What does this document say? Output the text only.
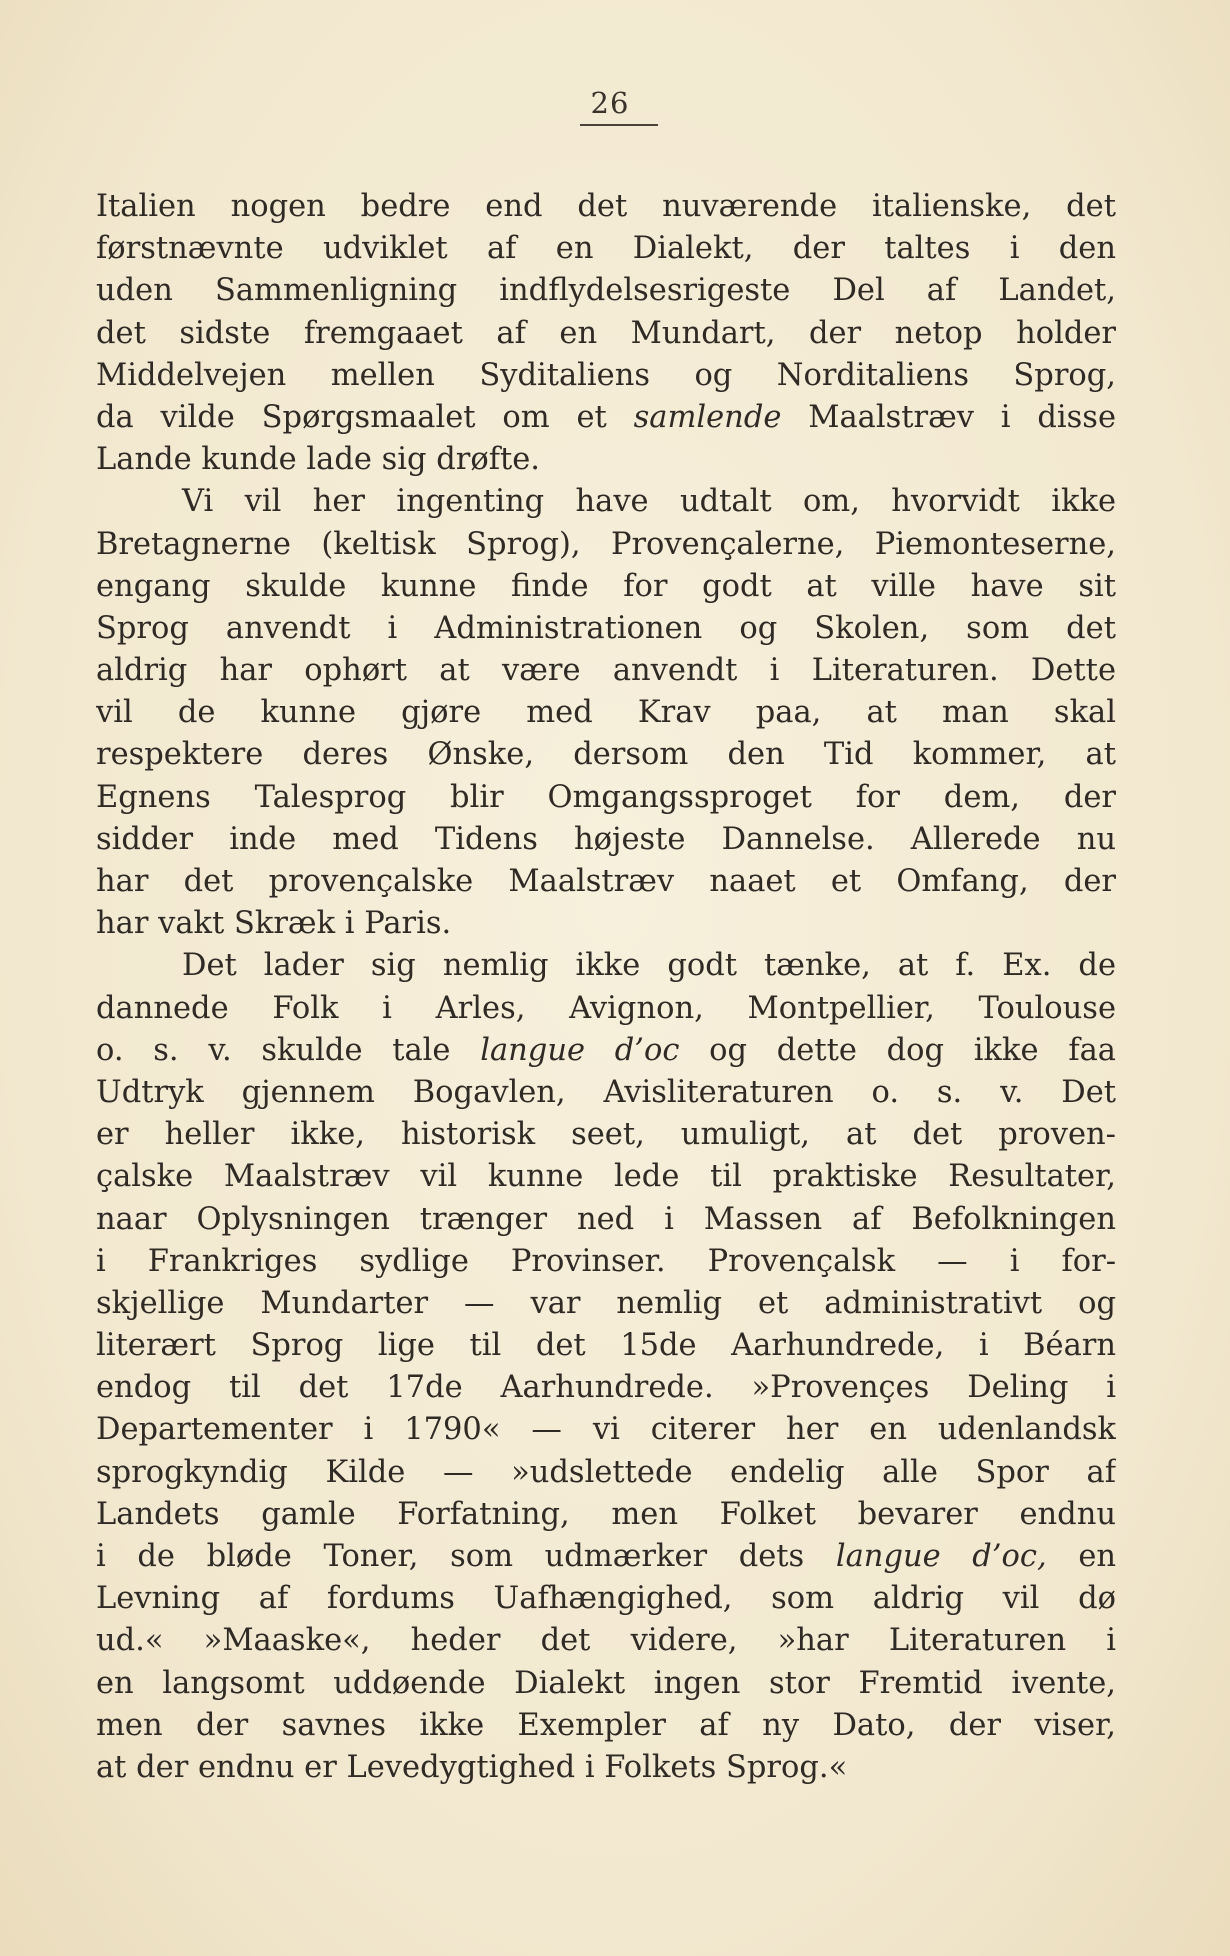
26
Italien nogen bedre end det nuværende italienske, det
førstnævnte udviklet af en Dialekt, der taltes i den
uden Sammenligning indflydelsesrigeste Del af Landet,
det sidste fremgaaet af en Mundart, der netop holder
Middelvejen mellen Syditaliens og Norditaliens Sprog,
da vilde Spørgsmaalet om et samlende Maalstræv i disse
Lande kunde lade sig drøfte.
Vi vil her ingenting have udtalt om, hvorvidt ikke
Bretagnerne (keltisk Sprog), Provençalerne, Piemonteserne,
engang skulde kunne finde for godt at ville have sit
Sprog anvendt i Administrationen og Skolen, som det
aldrig har ophørt at være anvendt i Literaturen. Dette
vil de kunne gjøre med Krav paa, at man skal
respektere deres Ønske, dersom den Tid kommer, at
Egnens Talesprog blir Omgangssproget for dem, der
sidder inde med Tidens højeste Dannelse. Allerede nu
har det provençalske Maalstræv naaet et Omfang, der
har vakt Skræk i Paris.
Det lader sig nemlig ikke godt tænke, at f. Ex. de
dannede Folk i Arles, Avignon, Montpellier, Toulouse
o. s. v. skulde tale langue d’oc og dette dog ikke faa
Udtryk gjennem Bogavlen, Avisliteraturen o. s. v. Det
er heller ikke, historisk seet, umuligt, at det proven-
çalske Maalstræv vil kunne lede til praktiske Resultater,
naar Oplysningen trænger ned i Massen af Befolkningen
i Frankriges sydlige Provinser. Provençalsk — i for-
skjellige Mundarter — var nemlig et administrativt og
literært Sprog lige til det 15de Aarhundrede, i Béarn
endog til det 17de Aarhundrede. »Provençes Deling i
Departementer i 1790« — vi citerer her en udenlandsk
sprogkyndig Kilde — »udslettede endelig alle Spor af
Landets gamle Forfatning, men Folket bevarer endnu
i de bløde Toner, som udmærker dets langue d’oc, en
Levning af fordums Uafhængighed, som aldrig vil dø
ud.« »Maaske«, heder det videre, »har Literaturen i
en langsomt uddøende Dialekt ingen stor Fremtid ivente,
men der savnes ikke Exempler af ny Dato, der viser,
at der endnu er Levedygtighed i Folkets Sprog.«
